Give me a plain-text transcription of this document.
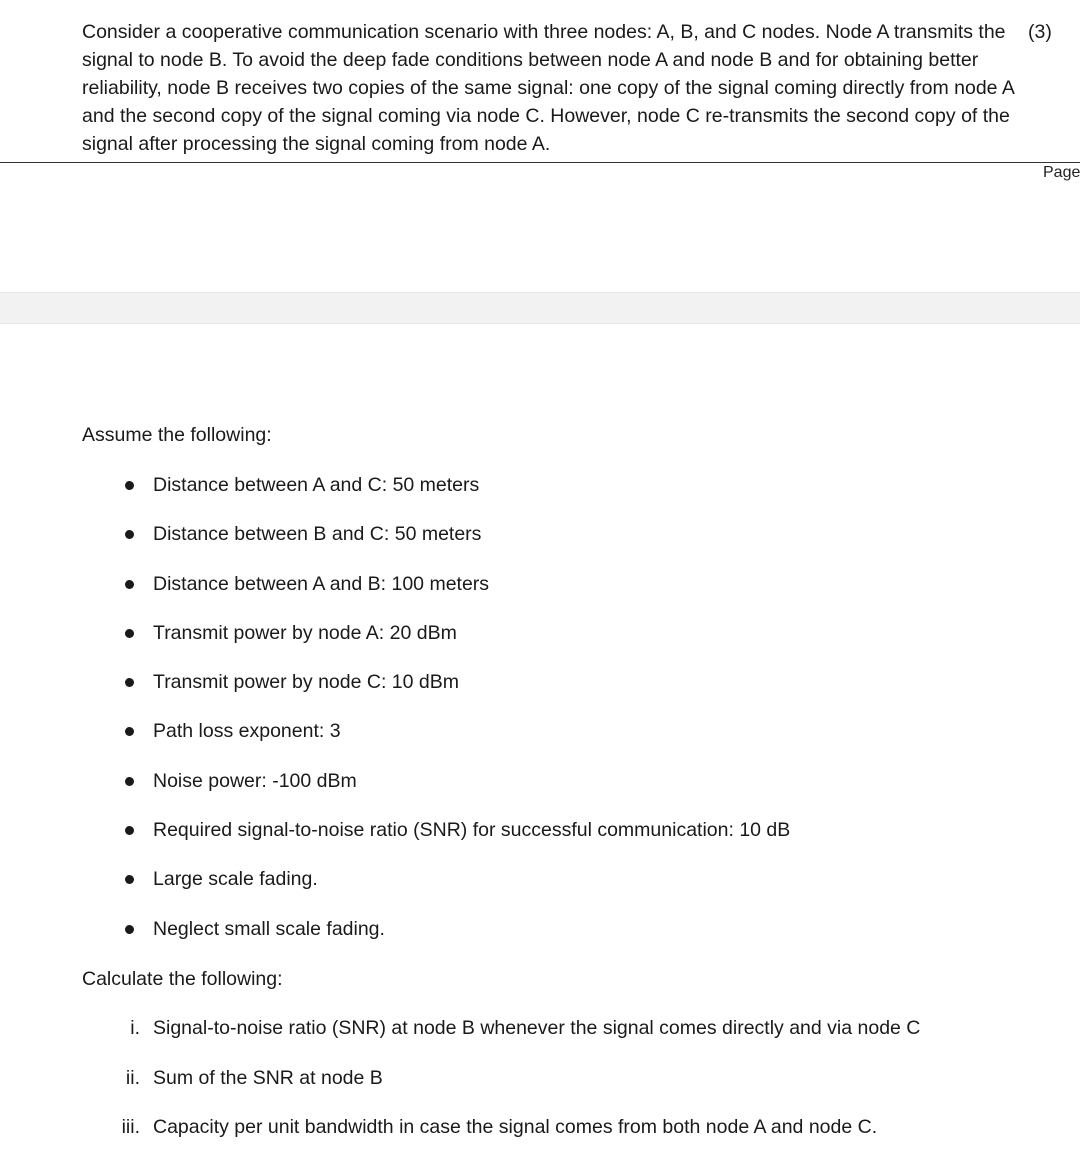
Consider a cooperative communication scenario with three nodes: A, B, and C nodes. Node A transmits the signal to node B. To avoid the deep fade conditions between node A and node B and for obtaining better reliability, node B receives two copies of the same signal: one copy of the signal coming directly from node A and the second copy of the signal coming via node C. However, node C re-transmits the second copy of the signal after processing the signal coming from node A.

(3)
Page

Assume the following:

Distance between A and C: 50 meters
Distance between B and C: 50 meters
Distance between A and B: 100 meters
Transmit power by node A: 20 dBm
Transmit power by node C: 10 dBm
Path loss exponent: 3
Noise power: -100 dBm
Required signal-to-noise ratio (SNR) for successful communication: 10 dB
Large scale fading.
Neglect small scale fading.

Calculate the following:

i. Signal-to-noise ratio (SNR) at node B whenever the signal comes directly and via node C
ii. Sum of the SNR at node B
iii. Capacity per unit bandwidth in case the signal comes from both node A and node C.
